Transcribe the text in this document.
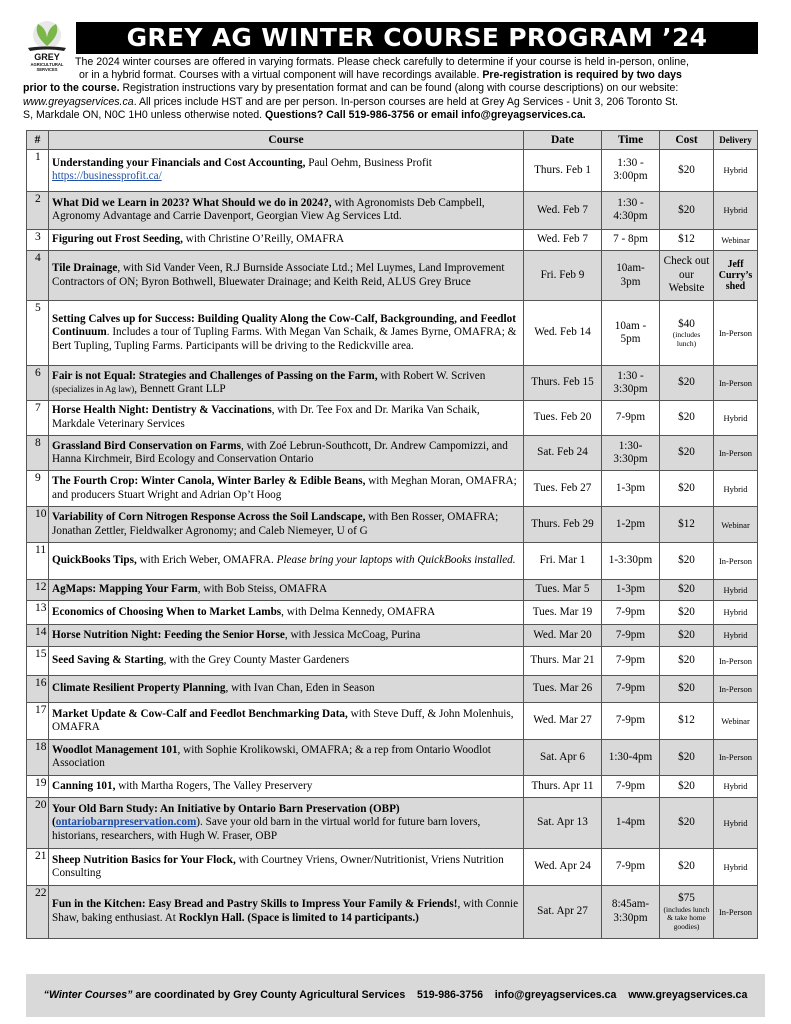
GREY
AGRICULTURAL
SERVICES
GREY AG WINTER COURSE PROGRAM ’24

The 2024 winter courses are offered in varying formats. Please check carefully to determine if your course is held in-person, online,

or in a hybrid format. Courses with a virtual component will have recordings available. Pre-registration is required by two days

prior to the course. Registration instructions vary by presentation format and can be found (along with course descriptions) on our website:

www.greyagservices.ca. All prices include HST and are per person. In-person courses are held at Grey Ag Services - Unit 3, 206 Toronto St.

S, Markdale ON, N0C 1H0 unless otherwise noted. Questions? Call 519-986-3756 or email info@greyagservices.ca.

#	Course	Date	Time	Cost	Delivery
1	Understanding your Financials and Cost Accounting, Paul Oehm, Business Profit https://businessprofit.ca/	Thurs. Feb 1	1:30 - 3:00pm	$20	Hybrid
2	What Did we Learn in 2023? What Should we do in 2024?, with Agronomists Deb Campbell, Agronomy Advantage and Carrie Davenport, Georgian View Ag Services Ltd.	Wed. Feb 7	1:30 - 4:30pm	$20	Hybrid
3	Figuring out Frost Seeding, with Christine O’Reilly, OMAFRA	Wed. Feb 7	7 - 8pm	$12	Webinar
4	Tile Drainage, with Sid Vander Veen, R.J Burnside Associate Ltd.; Mel Luymes, Land Improvement Contractors of ON; Byron Bothwell, Bluewater Drainage; and Keith Reid, ALUS Grey Bruce	Fri. Feb 9	10am- 3pm	Check out our Website	Jeff Curry’s shed
5	Setting Calves up for Success: Building Quality Along the Cow-Calf, Backgrounding, and Feedlot Continuum. Includes a tour of Tupling Farms. With Megan Van Schaik, & James Byrne, OMAFRA; & Bert Tupling, Tupling Farms. Participants will be driving to the Redickville area.	Wed. Feb 14	10am - 5pm	$40
(includes lunch)	In-Person
6	Fair is not Equal: Strategies and Challenges of Passing on the Farm, with Robert W. Scriven (specializes in Ag law), Bennett Grant LLP	Thurs. Feb 15	1:30 - 3:30pm	$20	In-Person
7	Horse Health Night: Dentistry & Vaccinations, with Dr. Tee Fox and Dr. Marika Van Schaik, Markdale Veterinary Services	Tues. Feb 20	7-9pm	$20	Hybrid
8	Grassland Bird Conservation on Farms, with Zoé Lebrun-Southcott, Dr. Andrew Campomizzi, and Hanna Kirchmeir, Bird Ecology and Conservation Ontario	Sat. Feb 24	1:30- 3:30pm	$20	In-Person
9	The Fourth Crop: Winter Canola, Winter Barley & Edible Beans, with Meghan Moran, OMAFRA; and producers Stuart Wright and Adrian Op’t Hoog	Tues. Feb 27	1-3pm	$20	Hybrid
10	Variability of Corn Nitrogen Response Across the Soil Landscape, with Ben Rosser, OMAFRA; Jonathan Zettler, Fieldwalker Agronomy; and Caleb Niemeyer, U of G	Thurs. Feb 29	1-2pm	$12	Webinar
11	QuickBooks Tips, with Erich Weber, OMAFRA. Please bring your laptops with QuickBooks installed.	Fri. Mar 1	1-3:30pm	$20	In-Person
12	AgMaps: Mapping Your Farm, with Bob Steiss, OMAFRA	Tues. Mar 5	1-3pm	$20	Hybrid
13	Economics of Choosing When to Market Lambs, with Delma Kennedy, OMAFRA	Tues. Mar 19	7-9pm	$20	Hybrid
14	Horse Nutrition Night: Feeding the Senior Horse, with Jessica McCoag, Purina	Wed. Mar 20	7-9pm	$20	Hybrid
15	Seed Saving & Starting, with the Grey County Master Gardeners	Thurs. Mar 21	7-9pm	$20	In-Person
16	Climate Resilient Property Planning, with Ivan Chan, Eden in Season	Tues. Mar 26	7-9pm	$20	In-Person
17	Market Update & Cow-Calf and Feedlot Benchmarking Data, with Steve Duff, & John Molenhuis, OMAFRA	Wed. Mar 27	7-9pm	$12	Webinar
18	Woodlot Management 101, with Sophie Krolikowski, OMAFRA; & a rep from Ontario Woodlot Association	Sat. Apr 6	1:30-4pm	$20	In-Person
19	Canning 101, with Martha Rogers, The Valley Preservery	Thurs. Apr 11	7-9pm	$20	Hybrid
20	Your Old Barn Study: An Initiative by Ontario Barn Preservation (OBP) (ontariobarnpreservation.com). Save your old barn in the virtual world for future barn lovers, historians, researchers, with Hugh W. Fraser, OBP	Sat. Apr 13	1-4pm	$20	Hybrid
21	Sheep Nutrition Basics for Your Flock, with Courtney Vriens, Owner/Nutritionist, Vriens Nutrition Consulting	Wed. Apr 24	7-9pm	$20	Hybrid
22	Fun in the Kitchen: Easy Bread and Pastry Skills to Impress Your Family & Friends!, with Connie Shaw, baking enthusiast. At Rocklyn Hall. (Space is limited to 14 participants.)	Sat. Apr 27	8:45am- 3:30pm	$75
(includes lunch & take home goodies)	In-Person
“Winter Courses” are coordinated by Grey County Agricultural Services 519-986-3756 info@greyagservices.ca www.greyagservices.ca
